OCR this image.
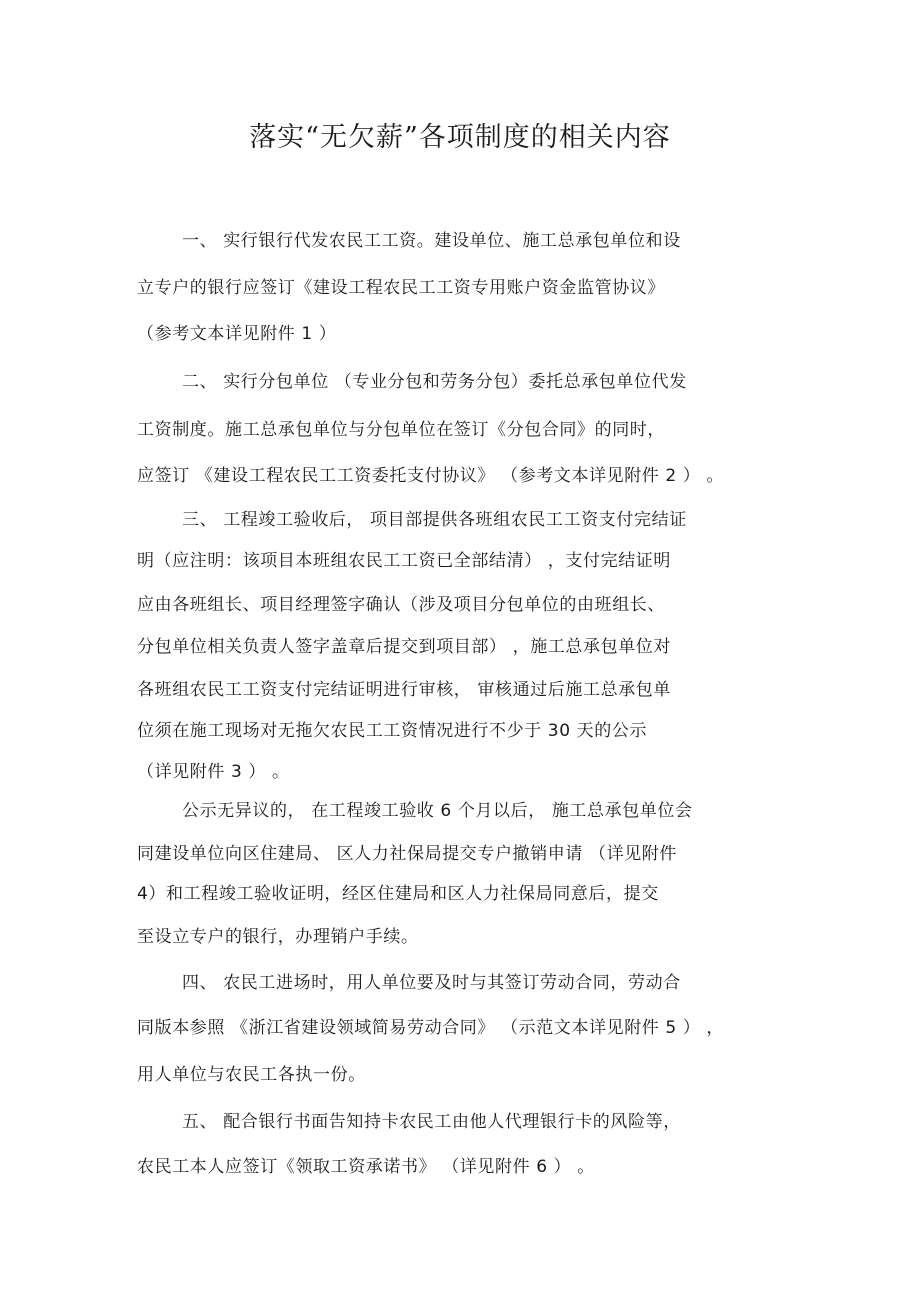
落实“无欠薪”各项制度的相关内容
一、 实行银行代发农民工工资。建设单位、施工总承包单位和设
立专户的银行应签订《建设工程农民工工资专用账户资金监管协议》
（参考文本详见附件 1 ）
二、 实行分包单位 （专业分包和劳务分包）委托总承包单位代发
工资制度。施工总承包单位与分包单位在签订《分包合同》的同时，
应签订 《建设工程农民工工资委托支付协议》 （参考文本详见附件 2 ） 。
三、 工程竣工验收后， 项目部提供各班组农民工工资支付完结证
明（应注明：该项目本班组农民工工资已全部结清） ，支付完结证明
应由各班组长、项目经理签字确认（涉及项目分包单位的由班组长、
分包单位相关负责人签字盖章后提交到项目部） ，施工总承包单位对
各班组农民工工资支付完结证明进行审核， 审核通过后施工总承包单
位须在施工现场对无拖欠农民工工资情况进行不少于 30 天的公示
（详见附件 3 ） 。
公示无异议的， 在工程竣工验收 6 个月以后， 施工总承包单位会
同建设单位向区住建局、 区人力社保局提交专户撤销申请 （详见附件
4）和工程竣工验收证明，经区住建局和区人力社保局同意后，提交
至设立专户的银行，办理销户手续。
四、 农民工进场时，用人单位要及时与其签订劳动合同，劳动合
同版本参照 《浙江省建设领域简易劳动合同》 （示范文本详见附件 5 ） ，
用人单位与农民工各执一份。
五、 配合银行书面告知持卡农民工由他人代理银行卡的风险等，
农民工本人应签订《领取工资承诺书》 （详见附件 6 ） 。
